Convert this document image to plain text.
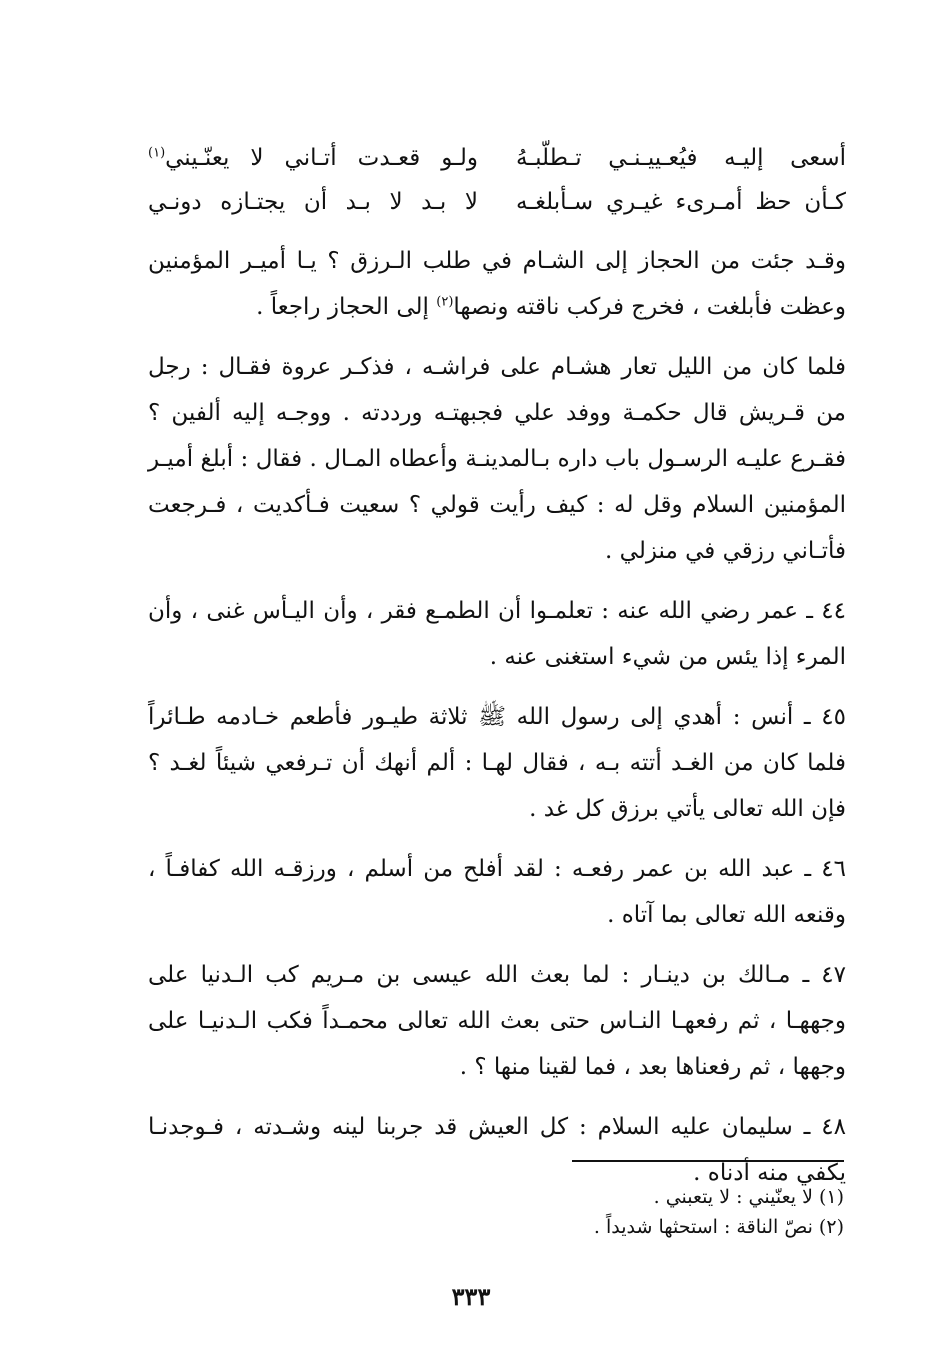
أسعى إليـه فيُعـييـنـي تـطلّبـهُ
ولـو قعـدت أتـاني لا يعنّـيني$^{(١)}$
كـأن حظ أمـرىء غيـري سـأبلغـه
لا بـد لا بـد أن يجتـازه دونـي

وقـد جئت من الحجاز إلى الشـام في طلب الـرزق ؟ يـا أميـر المؤمنين وعظت فأبلغت ، فخرج فركب ناقته ونصها$^{(٢)}$ إلى الحجاز راجعاً .

فلما كان من الليل تعار هشـام على فراشـه ، فذكـر عروة فقـال : رجل من قـريش قال حكمـة ووفد علي فجبهتـه ورددته . ووجـه إليه ألفين ؟ فقـرع عليـه الرسـول باب داره بـالمدينـة وأعطاه المـال . فقال : أبلغ أميـر المؤمنين السلام وقل له : كيف رأيت قولي ؟ سعيت فـأكديت ، فـرجعت فأتـاني رزقي في منزلي .

٤٤ ـ عمر رضي الله عنه : تعلمـوا أن الطمـع فقر ، وأن اليـأس غنى ، وأن المرء إذا يئس من شيء استغنى عنه .

٤٥ ـ أنس : أهدي إلى رسول الله ﷺ ثلاثة طيـور فأطعم خـادمه طـائراً فلما كان من الغـد أتته بـه ، فقال لهـا : ألم أنهك أن تـرفعي شيئاً لغـد ؟ فإن الله تعالى يأتي برزق كل غد .

٤٦ ـ عبد الله بن عمر رفعـه : لقد أفلح من أسلم ، ورزقـه الله كفافـاً ، وقنعه الله تعالى بما آتاه .

٤٧ ـ مـالك بن دينـار : لما بعث الله عيسى بن مـريم كب الـدنيا على وجههـا ، ثم رفعهـا النـاس حتى بعث الله تعالى محمـداً فكب الـدنيـا على وجهها ، ثم رفعناها بعد ، فما لقينا منها ؟ .

٤٨ ـ سليمان عليه السلام : كل العيش قد جربنا لينه وشـدته ، فـوجدنـا يكفي منه أدناه .

(١) لا يعنّيني : لا يتعبني .
(٢) نصّ الناقة : استحثها شديداً .
٣٣٣
